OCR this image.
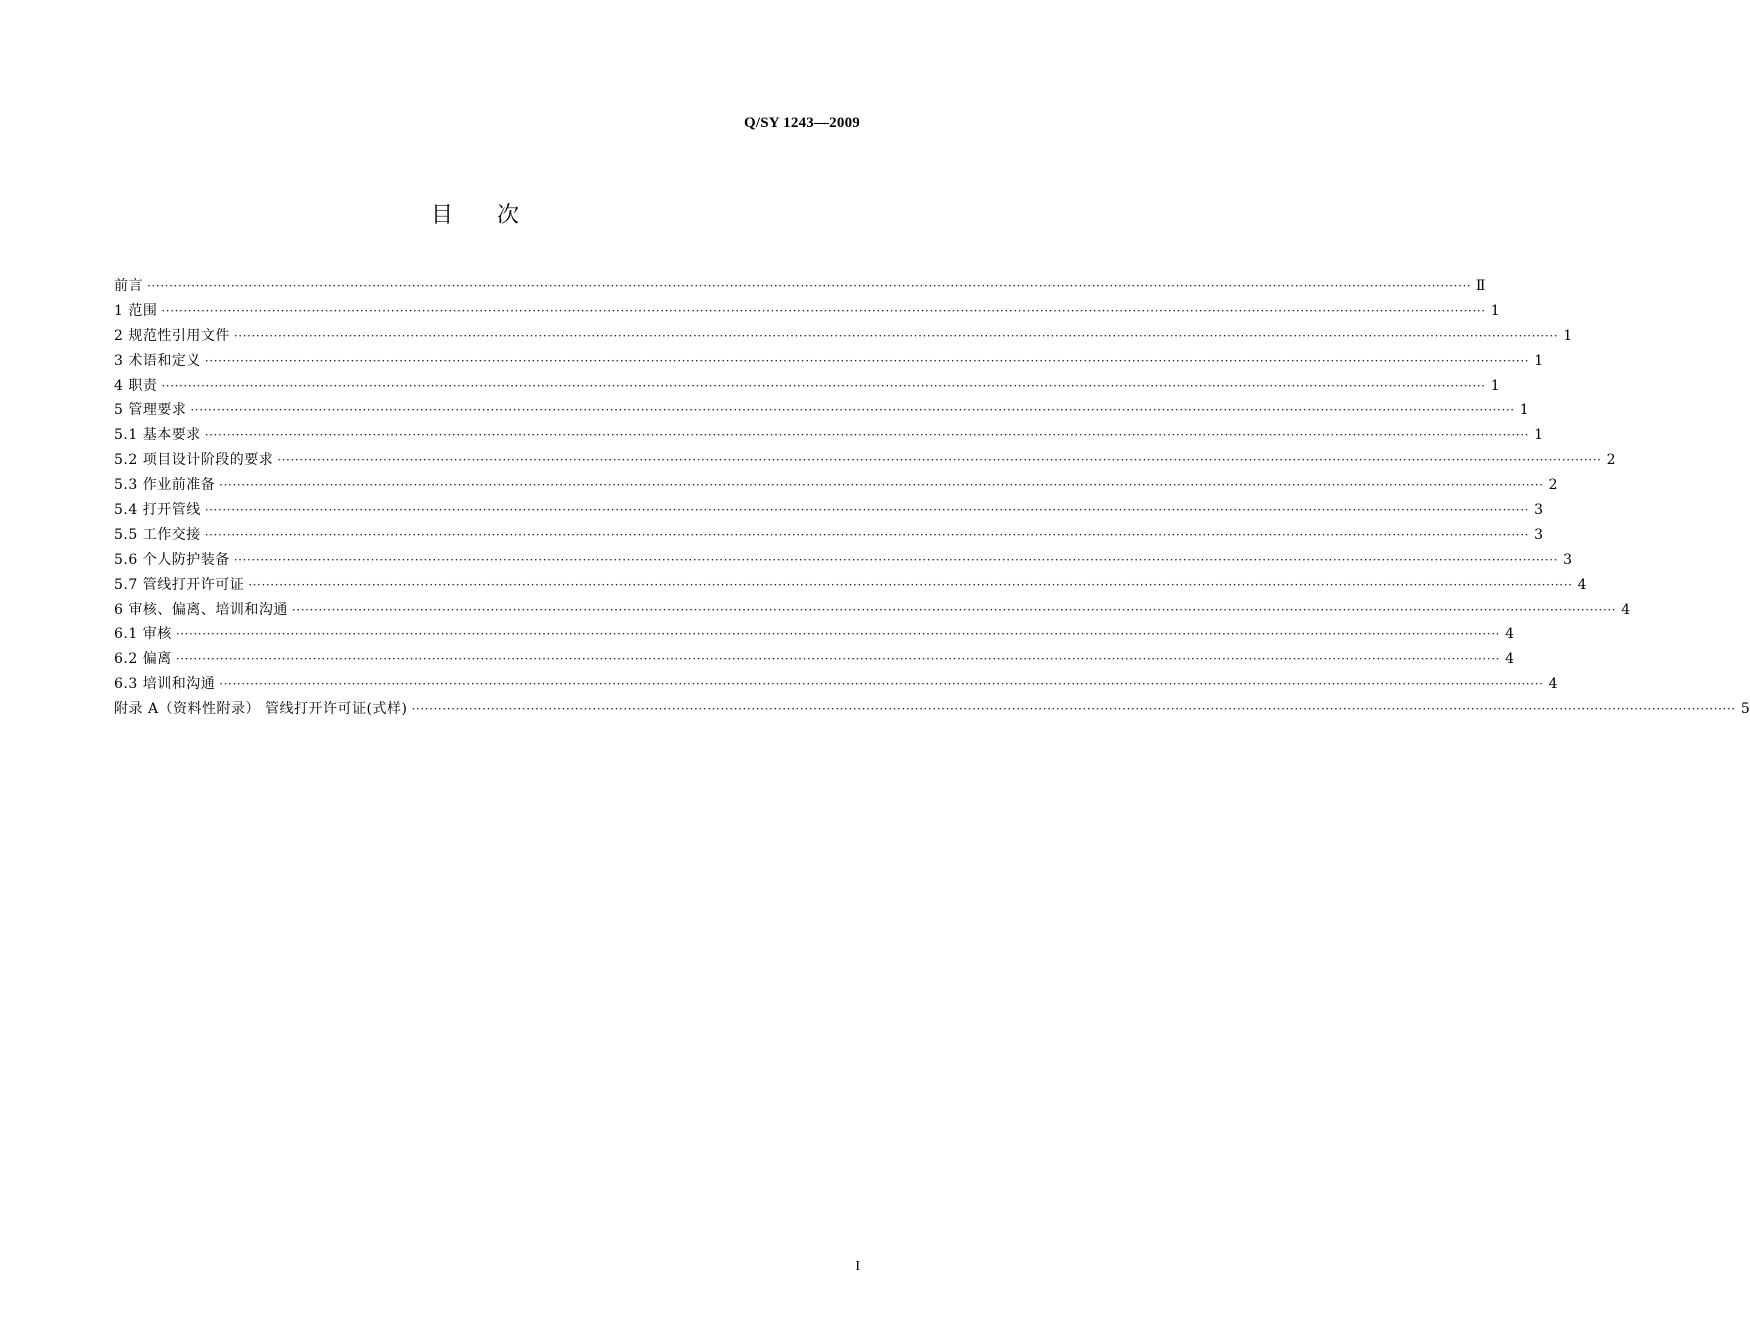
Q/SY 1243—2009
目次
前言 ············································································································································································································································································································ Ⅱ
1 范围 ············································································································································································································································································································ 1
2 规范性引用文件 ············································································································································································································································································································ 1
3 术语和定义 ············································································································································································································································································································ 1
4 职责 ············································································································································································································································································································ 1
5 管理要求 ············································································································································································································································································································ 1
5.1 基本要求 ············································································································································································································································································································ 1
5.2 项目设计阶段的要求 ············································································································································································································································································································ 2
5.3 作业前准备 ············································································································································································································································································································ 2
5.4 打开管线 ············································································································································································································································································································ 3
5.5 工作交接 ············································································································································································································································································································ 3
5.6 个人防护装备 ············································································································································································································································································································ 3
5.7 管线打开许可证 ············································································································································································································································································································ 4
6 审核、偏离、培训和沟通 ············································································································································································································································································································ 4
6.1 审核 ············································································································································································································································································································ 4
6.2 偏离 ············································································································································································································································································································ 4
6.3 培训和沟通 ············································································································································································································································································································ 4
附录 A（资料性附录） 管线打开许可证(式样) ············································································································································································································································································································ 5
I
